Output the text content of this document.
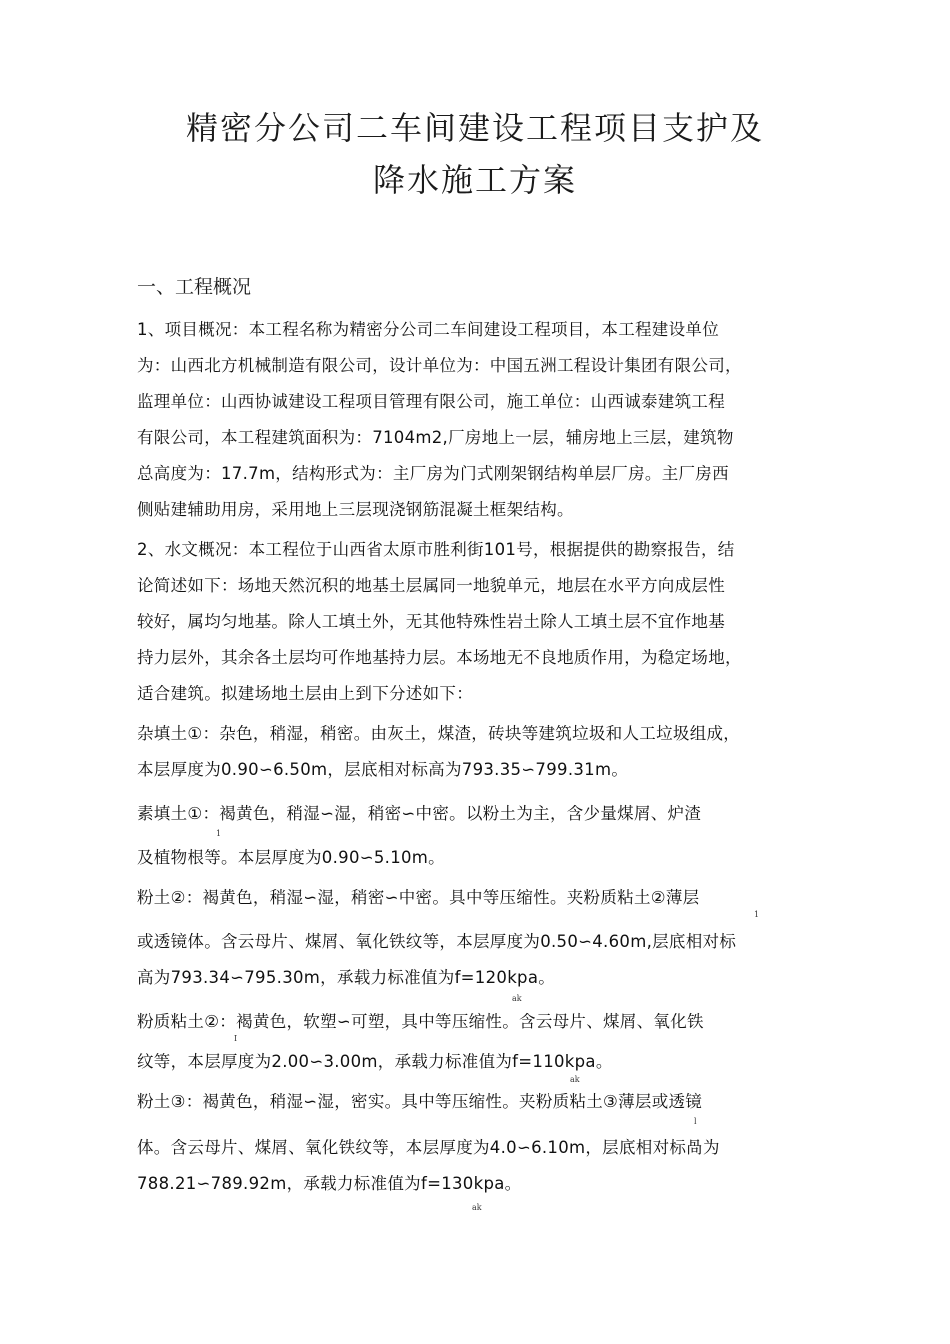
精密分公司二车间建设工程项目支护及
降水施工方案
一、工程概况
1、项目概况：本工程名称为精密分公司二车间建设工程项目，本工程建设单位
为：山西北方机械制造有限公司，设计单位为：中国五洲工程设计集团有限公司，
监理单位：山西协诚建设工程项目管理有限公司，施工单位：山西诚泰建筑工程
有限公司，本工程建筑面积为：7104m2,厂房地上一层，辅房地上三层，建筑物
总高度为：17.7m，结构形式为：主厂房为门式刚架钢结构单层厂房。主厂房西
侧贴建辅助用房，采用地上三层现浇钢筋混凝土框架结构。
2、水文概况：本工程位于山西省太原市胜利街101号，根据提供的勘察报告，结
论简述如下：场地天然沉积的地基土层属同一地貌单元，地层在水平方向成层性
较好，属均匀地基。除人工填土外，无其他特殊性岩土除人工填土层不宜作地基
持力层外，其余各土层均可作地基持力层。本场地无不良地质作用，为稳定场地，
适合建筑。拟建场地土层由上到下分述如下：
杂填土①：杂色，稍湿，稍密。由灰土，煤渣，砖块等建筑垃圾和人工垃圾组成，
本层厚度为0.90∽6.50m，层底相对标高为793.35∽799.31m。
素填土①：褐黄色，稍湿∽湿，稍密∽中密。以粉土为主，含少量煤屑、炉渣
及植物根等。本层厚度为0.90∽5.10m。
粉土②：褐黄色，稍湿∽湿，稍密∽中密。具中等压缩性。夹粉质粘土②薄层
或透镜体。含云母片、煤屑、氧化铁纹等，本层厚度为0.50∽4.60m,层底相对标
高为793.34∽795.30m，承载力标准值为f=120kpa。
粉质粘土②：褐黄色，软塑∽可塑，具中等压缩性。含云母片、煤屑、氧化铁
纹等，本层厚度为2.00∽3.00m，承载力标准值为f=110kpa。
粉土③：褐黄色，稍湿∽湿，密实。具中等压缩性。夹粉质粘土③薄层或透镜
体。含云母片、煤屑、氧化铁纹等，本层厚度为4.0∽6.10m，层底相对标咼为
788.21∽789.92m，承载力标准值为f=130kpa。
1
1
ak
I
ak
l
ak
